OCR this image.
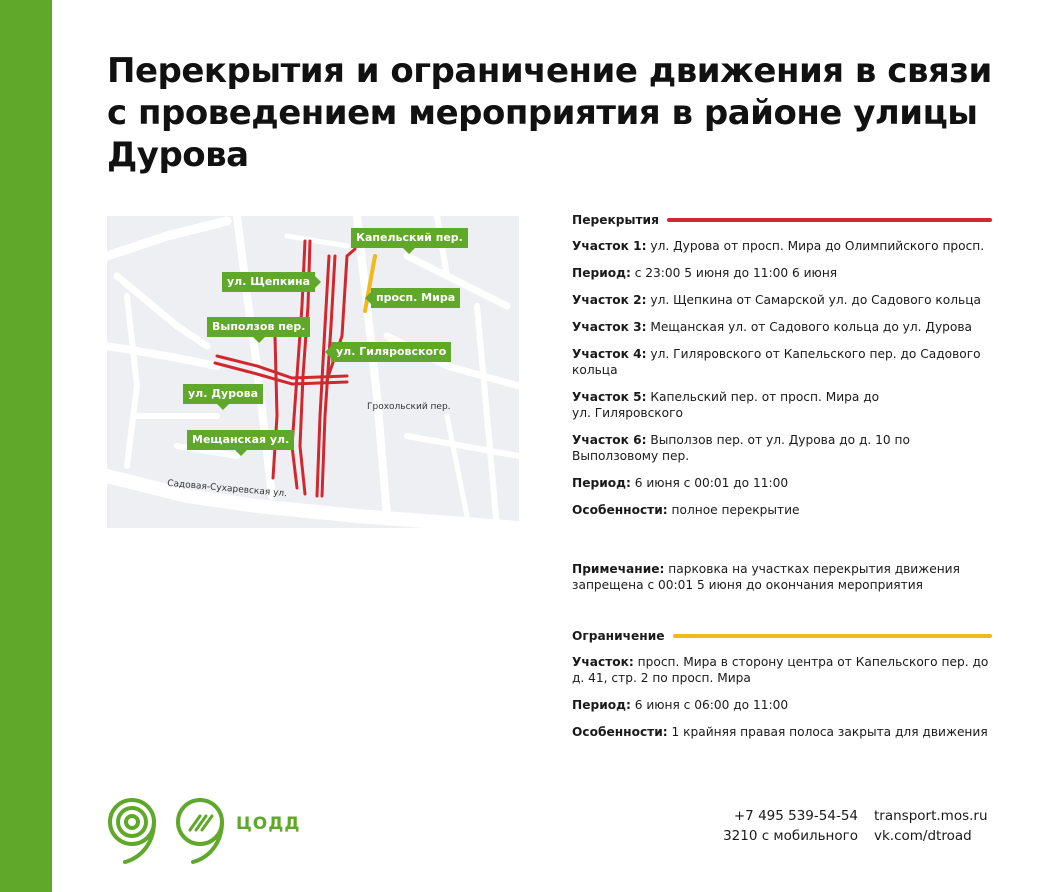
Перекрытия и ограничение движения в связи с проведением мероприятия в районе улицы Дурова
Капельский пер.
ул. Щепкина
просп. Мира
Выползов пер.
ул. Гиляровского
ул. Дурова
Мещанская ул.
Грохольский пер.
Садовая-Сухаревская ул.
Перекрытия
Участок 1: ул. Дурова от просп. Мира до Олимпийского просп.
Период: с 23:00 5 июня до 11:00 6 июня
Участок 2: ул. Щепкина от Самарской ул. до Садового кольца
Участок 3: Мещанская ул. от Садового кольца до ул. Дурова
Участок 4: ул. Гиляровского от Капельского пер. до Садового кольца
Участок 5: Капельский пер. от просп. Мира до ул. Гиляровского
Участок 6: Выползов пер. от ул. Дурова до д. 10 по Выползовому пер.
Период: 6 июня с 00:01 до 11:00
Особенности: полное перекрытие
Примечание: парковка на участках перекрытия движения запрещена с 00:01 5 июня до окончания мероприятия
Ограничение
Участок: просп. Мира в сторону центра от Капельского пер. до д. 41, стр. 2 по просп. Мира
Период: 6 июня с 06:00 до 11:00
Особенности: 1 крайняя правая полоса закрыта для движения
ЦОДД	+7 495 539-54-54
3210 с мобильного
transport.mos.ru
vk.com/dtroad
